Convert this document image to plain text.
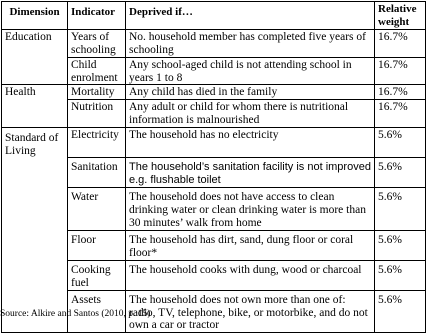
Dimension	Indicator	Deprived if…	Relative weight
Education	Years of schooling	No. household member has completed five years of schooling	16.7%
	Child enrolment	Any school-aged child is not attending school in years 1 to 8	16.7%
Health	Mortality	Any child has died in the family	16.7%
	Nutrition	Any adult or child for whom there is nutritional information is malnourished	16.7%
Standard of Living	Electricity	The household has no electricity	5.6%
	Sanitation	The household’s sanitation facility is not improved e.g. flushable toilet	5.6%
	Water	The household does not have access to clean drinking water or clean drinking water is more than 30 minutes’ walk from home	5.6%
	Floor	The household has dirt, sand, dung floor or coral floor*	5.6%
	Cooking fuel	The household cooks with dung, wood or charcoal	5.6%
	Assets	The household does not own more than one of: radio, TV, telephone, bike, or motorbike, and do not own a car or tractor	5.6%
Source: Alkire and Santos (2010, p. 15)
